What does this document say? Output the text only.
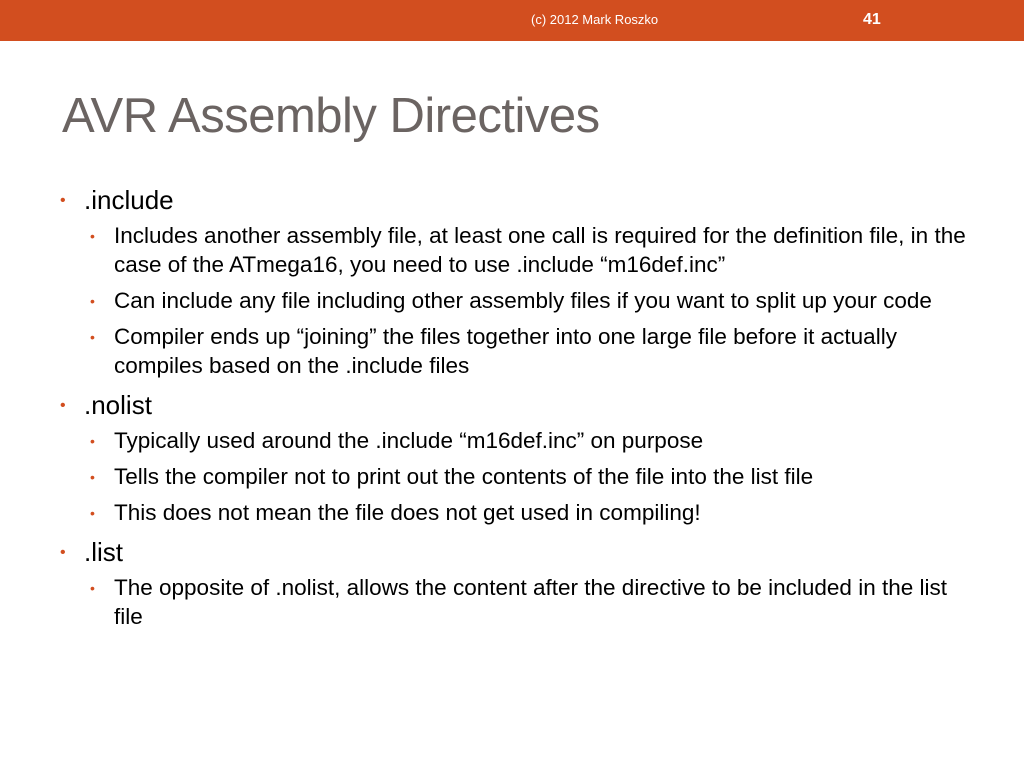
(c) 2012 Mark Roszko	41
AVR Assembly Directives
• .include
• Includes another assembly file, at least one call is required for the definition file, in the case of the ATmega16, you need to use .include “m16def.inc”
• Can include any file including other assembly files if you want to split up your code
• Compiler ends up “joining” the files together into one large file before it actually compiles based on the .include files
• .nolist
• Typically used around the .include “m16def.inc” on purpose
• Tells the compiler not to print out the contents of the file into the list file
• This does not mean the file does not get used in compiling!
• .list
• The opposite of .nolist, allows the content after the directive to be included in the list file
